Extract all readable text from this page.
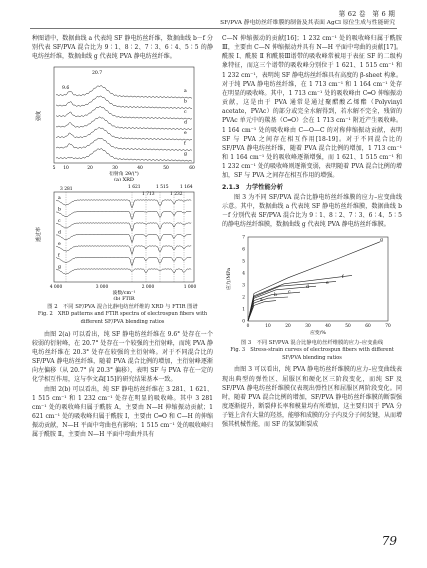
第 62 卷　第 6 期
SF/PVA 静电纺丝纤维膜的制备及其表面 AgCl 原位生成与性能研究

种图谱中，数据曲线 a 代表纯 SF 静电纺丝纤维，数据曲线 b－f 分别代表 SF/PVA 混合比为 9∶1、8∶2、7∶3、6∶4、5∶5 的静电纺丝纤维，数据曲线 g 代表纯 PVA 静电纺丝纤维。

a
b
c
d
e
f
g
20.7
9.6
强度
5 10	20	30	40	50	60
衍射角 2θ/(°)
(a) XRD
a
b
c
d
e
f
g
3 281	1 621
1 713
1 515
1 232
1 164
透过率
4 000	3 000	2 000	1 000
波数/cm⁻¹
(b) FTIR
图 2　不同 SF/PVA 混合比静电纺丝纤维的 XRD 与 FTIR 图谱
Fig. 2　XRD patterns and FTIR spectra of electrospun fibers with
different SF/PVA blending ratios

由图 2(a) 可以看出，纯 SF 静电纺丝纤维在 9.6° 处存在一个较弱的衍射峰，在 20.7° 处存在一个较强的主衍射峰，而纯 PVA 静电纺丝纤维在 20.3° 处存在较强的主衍射峰。对于不同混合比的 SF/PVA 静电纺丝纤维，随着 PVA 混合比例的增加，主衍射峰逐渐向左偏移（从 20.7° 向 20.3° 偏移），表明 SF 与 PVA 存在一定的化学相互作用，这与李文森[15]的研究结果基本一致。

由图 2(b) 可以看出，纯 SF 静电纺丝纤维在 3 281、1 621、1 515 cm⁻¹ 和 1 232 cm⁻¹ 处存在明显的吸收峰。其中 3 281 cm⁻¹ 处的吸收峰归属于酰胺 A，主要由 N—H 伸缩振动贡献；1 621 cm⁻¹ 处的吸收峰归属于酰胺 Ⅰ，主要由 C═O 和 C—H 的伸缩振动贡献，N—H 平面中弯曲也有影响；1 515 cm⁻¹ 处的吸收峰归属于酰胺 Ⅱ，主要由 N—H 平面中弯曲并具有

C—N 伸缩振动的贡献[16]；1 232 cm⁻¹ 处的吸收峰归属于酰胺Ⅲ，主要由 C—N 伸缩振动并具有 N—H 平面中弯曲的贡献[17]。酰胺 Ⅰ、酰胺 Ⅱ 和酰胺Ⅲ谱带的吸收峰常被用于表征 SF 的二级构象特征，而这三个谱带的吸收峰分别位于 1 621、1 515 cm⁻¹ 和 1 232 cm⁻¹，表明纯 SF 静电纺丝纤维具有高度的 β-sheet 构象。对于纯 PVA 静电纺丝纤维，在 1 713 cm⁻¹ 和 1 164 cm⁻¹ 处存在明显的吸收峰。其中，1 713 cm⁻¹ 处的吸收峰由 C═O 伸缩振动贡献，这是由于 PVA 通常是通过聚醋酸乙烯酯（Polyvinyl acetate，PVAc）的部分或完全水解得到，若水解不完全，残留的 PVAc 单元中的羰基（C═O）会在 1 713 cm⁻¹ 附近产生吸收峰。1 164 cm⁻¹ 处的吸收峰由 C—O—C 的对称伸缩振动贡献，表明 SF 与 PVA 之间存在相互作用[18-19]。对于不同混合比的 SF/PVA 静电纺丝纤维，随着 PVA 混合比例的增加，1 713 cm⁻¹ 和 1 164 cm⁻¹ 处的吸收峰逐渐增强，而 1 621、1 515 cm⁻¹ 和 1 232 cm⁻¹ 处的吸收峰则逐渐变弱，表明随着 PVA 混合比例的增加，SF 与 PVA 之间存在相互作用的增强。

2.1.3　力学性能分析

图 3 为不同 SF/PVA 混合比静电纺丝纤维膜的应力–应变曲线示意。其中，数据曲线 a 代表纯 SF 静电纺丝纤维膜，数据曲线 b－f 分别代表 SF/PVA 混合比为 9∶1、8∶2、7∶3、6∶4、5∶5 的静电纺丝纤维膜，数据曲线 g 代表纯 PVA 静电纺丝纤维膜。

a
b
c
d
e
f
g
0
1
2
3
4
5
6
7
0	10	20	30	40	50	60	70
应力/MPa
应变/%
图 3　不同 SF/PVA 混合比静电纺丝纤维膜的应力–应变曲线
Fig. 3　Stress-strain curves of electrospun fibers with different
SF/PVA blending ratios

由图 3 可以看出，纯 PVA 静电纺丝纤维膜的应力–应变曲线表现出典型的弹性区、屈服区和硬化区三阶段变化，而纯 SF 及 SF/PVA 静电纺丝纤维膜仅表现出弹性区和屈服区两阶段变化。同时，随着 PVA 混合比例的增加，SF/PVA 静电纺丝纤维膜的断裂强度逐渐提升，断裂伸长率和模量均有所增加，这主要归因于 PVA 分子链上含有大量的羟基，能够和成膜的分子内及分子间发键，从而增强其机械性能，而 SF 的氢氢断裂成

79
